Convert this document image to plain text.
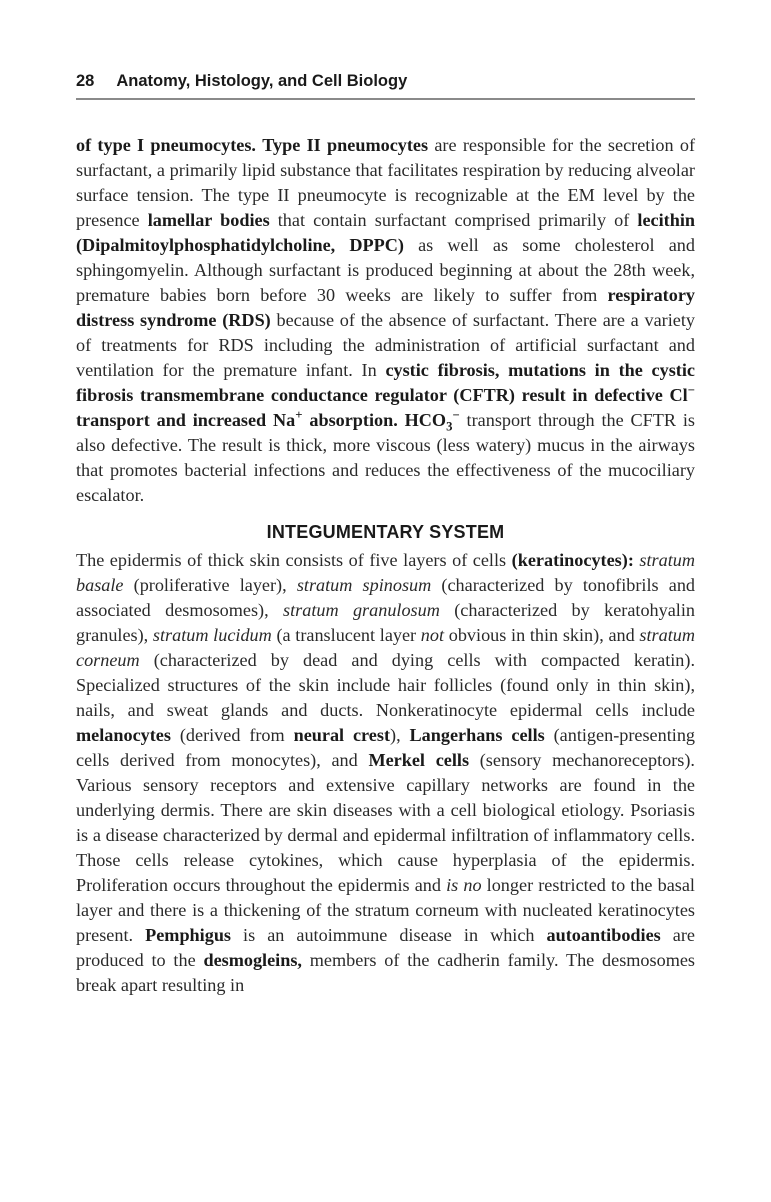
28 Anatomy, Histology, and Cell Biology

of type I pneumocytes. Type II pneumocytes are responsible for the secretion of surfactant, a primarily lipid substance that facilitates respiration by reducing alveolar surface tension. The type II pneumocyte is recognizable at the EM level by the presence lamellar bodies that contain surfactant comprised primarily of lecithin (Dipalmitoylphosphatidylcholine, DPPC) as well as some cholesterol and sphingomyelin. Although surfactant is produced beginning at about the 28th week, premature babies born before 30 weeks are likely to suffer from respiratory distress syndrome (RDS) because of the absence of surfactant. There are a variety of treatments for RDS including the administration of artificial surfactant and ventilation for the premature infant. In cystic fibrosis, mutations in the cystic fibrosis transmembrane conductance regulator (CFTR) result in defective Cl− transport and increased Na+ absorption. $HCO_3^-$ transport through the CFTR is also defective. The result is thick, more viscous (less watery) mucus in the airways that promotes bacterial infections and reduces the effectiveness of the mucociliary escalator.

INTEGUMENTARY SYSTEM

The epidermis of thick skin consists of five layers of cells (keratinocytes): stratum basale (proliferative layer), stratum spinosum (characterized by tonofibrils and associated desmosomes), stratum granulosum (characterized by keratohyalin granules), stratum lucidum (a translucent layer not obvious in thin skin), and stratum corneum (characterized by dead and dying cells with compacted keratin). Specialized structures of the skin include hair follicles (found only in thin skin), nails, and sweat glands and ducts. Nonkeratinocyte epidermal cells include melanocytes (derived from neural crest), Langerhans cells (antigen-presenting cells derived from monocytes), and Merkel cells (sensory mechanoreceptors). Various sensory receptors and extensive capillary networks are found in the underlying dermis. There are skin diseases with a cell biological etiology. Psoriasis is a disease characterized by dermal and epidermal infiltration of inflammatory cells. Those cells release cytokines, which cause hyperplasia of the epidermis. Proliferation occurs throughout the epidermis and is no longer restricted to the basal layer and there is a thickening of the stratum corneum with nucleated keratinocytes present. Pemphigus is an autoimmune disease in which autoantibodies are produced to the desmogleins, members of the cadherin family. The desmosomes break apart resulting in
